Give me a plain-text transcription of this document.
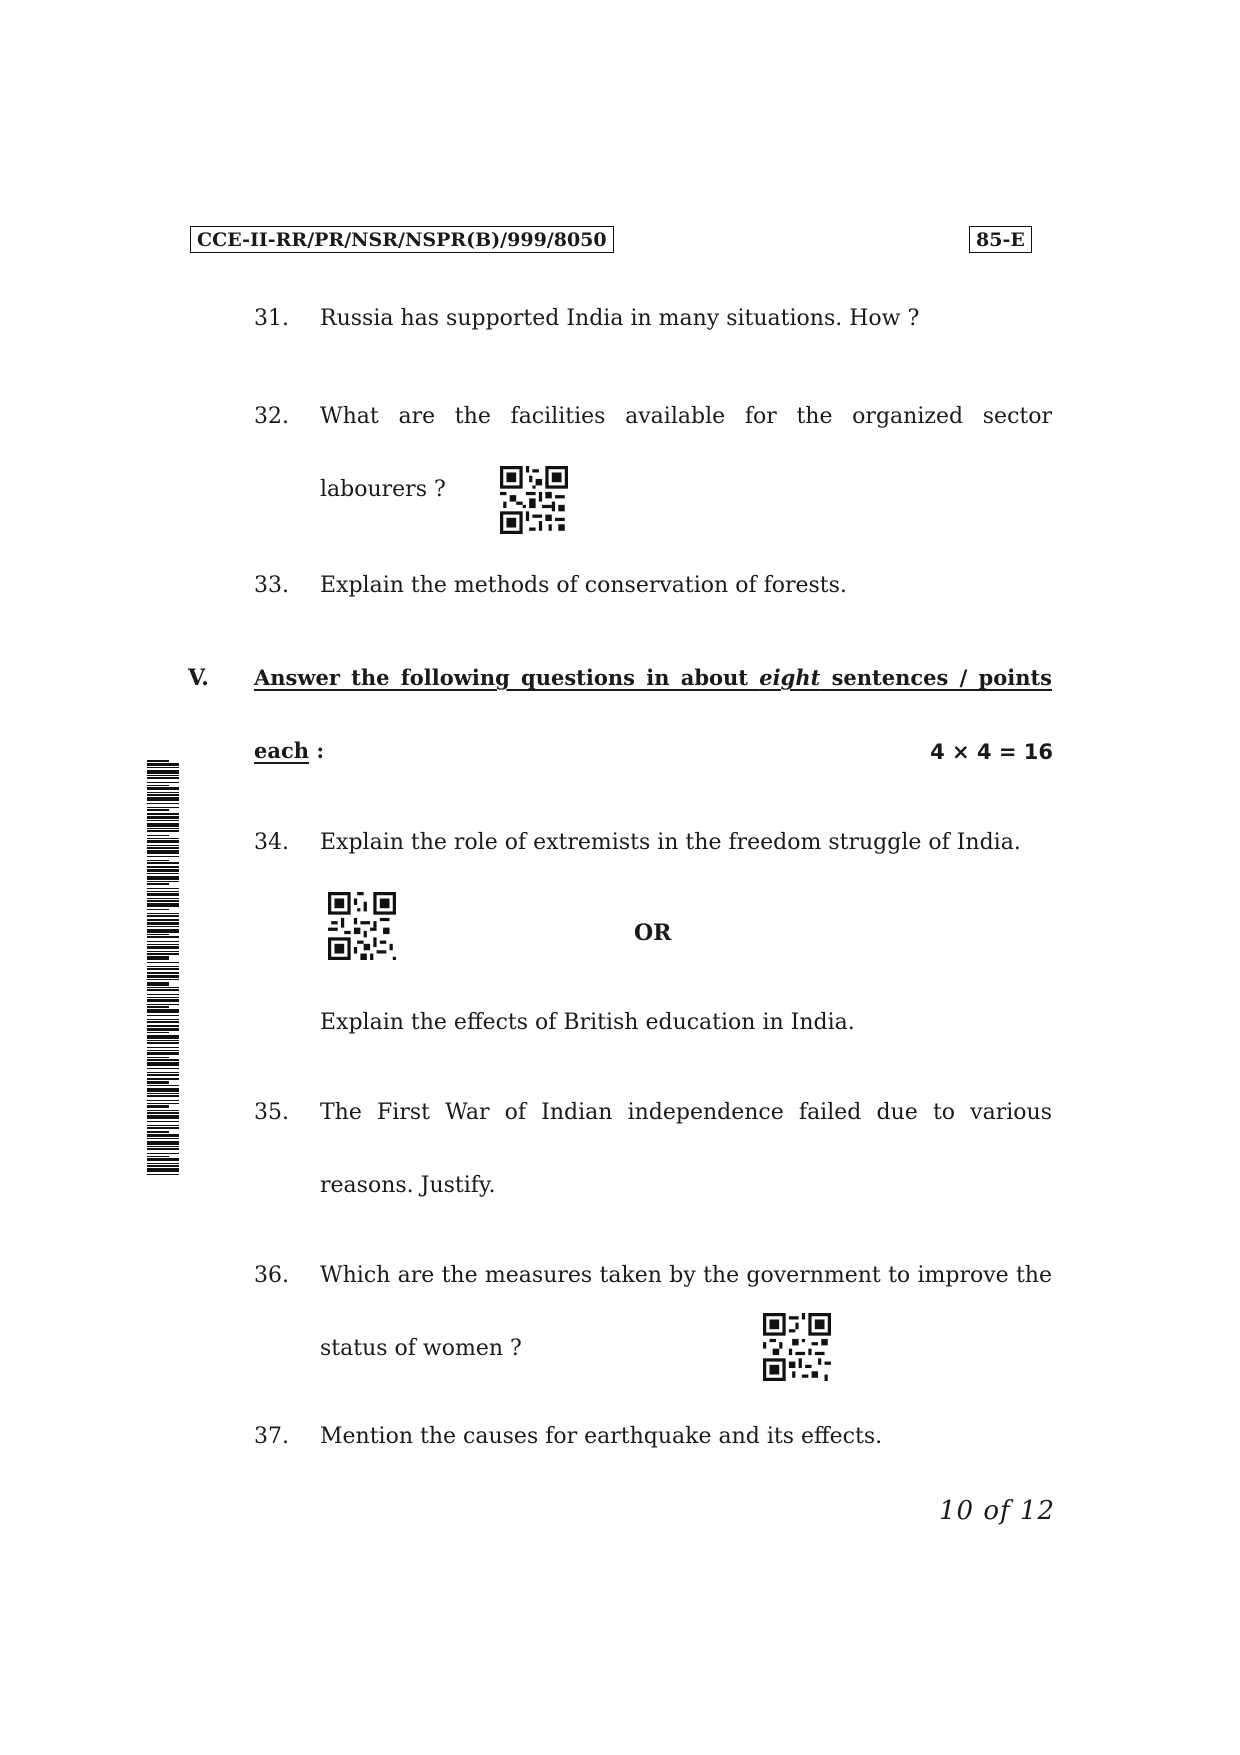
CCE-II-RR/PR/NSR/NSPR(B)/999/8050	85-E
31. Russia has supported India in many situations. How ?
32. What are the facilities available for the organized sector
labourers ?
33. Explain the methods of conservation of forests.
V. Answer the following questions in about eight sentences / points
each :	4 × 4 = 16
34. Explain the role of extremists in the freedom struggle of India.
OR
Explain the effects of British education in India.
35. The First War of Indian independence failed due to various
reasons. Justify.
36. Which are the measures taken by the government to improve the
status of women ?
37. Mention the causes for earthquake and its effects.
10 of 12
